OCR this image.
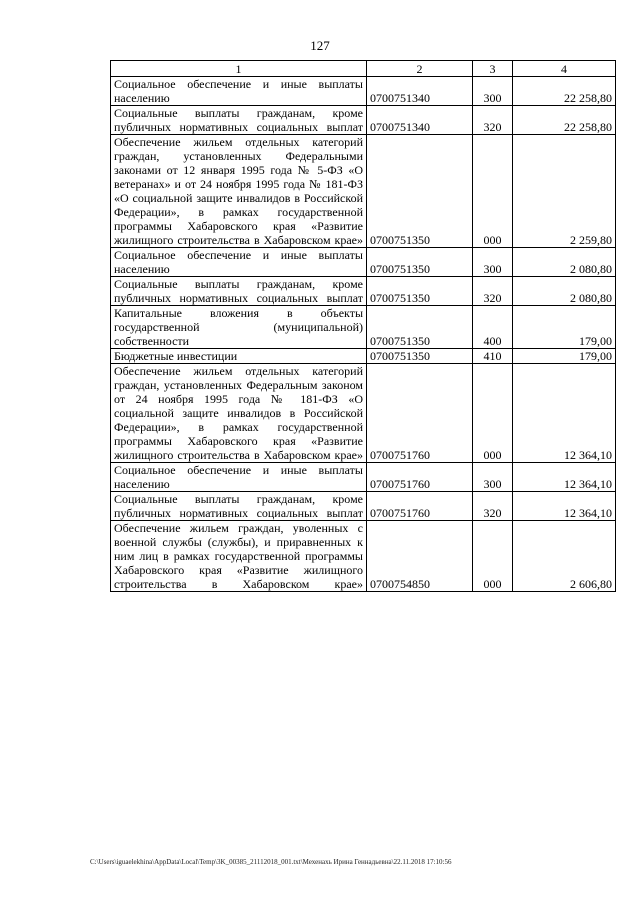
127
1	2	3	4
Социальное обеспечение и иные выплаты населению	0700751340	300	22 258,80
Социальные выплаты гражданам, кроме публичных нормативных социальных выплат	0700751340	320	22 258,80
Обеспечение жильем отдельных категорий граждан, установленных Федеральными законами от 12 января 1995 года № 5-ФЗ «О ветеранах» и от 24 ноября 1995 года № 181-ФЗ «О социальной защите инвалидов в Российской Федерации», в рамках государственной программы Хабаровского края «Развитие жилищного строительства в Хабаровском крае»	0700751350	000	2 259,80
Социальное обеспечение и иные выплаты населению	0700751350	300	2 080,80
Социальные выплаты гражданам, кроме публичных нормативных социальных выплат	0700751350	320	2 080,80
Капитальные вложения в объекты государственной (муниципальной) собственности	0700751350	400	179,00
Бюджетные инвестиции	0700751350	410	179,00
Обеспечение жильем отдельных категорий граждан, установленных Федеральным законом от 24 ноября 1995 года № 181-ФЗ «О социальной защите инвалидов в Российской Федерации», в рамках государственной программы Хабаровского края «Развитие жилищного строительства в Хабаровском крае»	0700751760	000	12 364,10
Социальное обеспечение и иные выплаты населению	0700751760	300	12 364,10
Социальные выплаты гражданам, кроме публичных нормативных социальных выплат	0700751760	320	12 364,10
Обеспечение жильем граждан, уволенных с военной службы (службы), и приравненных к ним лиц в рамках государственной программы Хабаровского края «Развитие жилищного строительства в Хабаровском крае»	0700754850	000	2 606,80
C:\Users\iguaelekhina\AppData\Local\Temp\3K_00385_21112018_001.txt\Мехенахь Ирина Геннадьевна\22.11.2018 17:10:56
